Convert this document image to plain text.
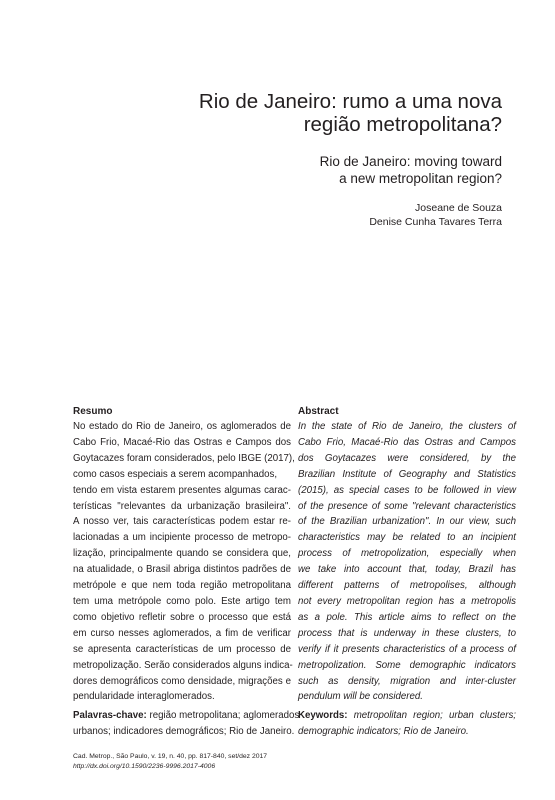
Rio de Janeiro: rumo a uma nova
região metropolitana?
Rio de Janeiro: moving toward
a new metropolitan region?
Joseane de Souza
Denise Cunha Tavares Terra
Resumo
No estado do Rio de Janeiro, os aglomerados de
Cabo Frio, Macaé-Rio das Ostras e Campos dos
Goytacazes foram considerados, pelo IBGE (2017),
como casos especiais a serem acompanhados,
tendo em vista estarem presentes algumas carac-
terísticas "relevantes da urbanização brasileira".
A nosso ver, tais características podem estar re-
lacionadas a um incipiente processo de metropo-
lização, principalmente quando se considera que,
na atualidade, o Brasil abriga distintos padrões de
metrópole e que nem toda região metropolitana
tem uma metrópole como polo. Este artigo tem
como objetivo refletir sobre o processo que está
em curso nesses aglomerados, a fim de verificar
se apresenta características de um processo de
metropolização. Serão considerados alguns indica-
dores demográficos como densidade, migrações e
pendularidade interaglomerados.
Palavras-chave: região metropolitana; aglomerados
urbanos; indicadores demográficos; Rio de Janeiro.
Abstract
In the state of Rio de Janeiro, the clusters of
Cabo Frio, Macaé-Rio das Ostras and Campos
dos Goytacazes were considered, by the
Brazilian Institute of Geography and Statistics
(2015), as special cases to be followed in view
of the presence of some "relevant characteristics
of the Brazilian urbanization". In our view, such
characteristics may be related to an incipient
process of metropolization, especially when
we take into account that, today, Brazil has
different patterns of metropolises, although
not every metropolitan region has a metropolis
as a pole. This article aims to reflect on the
process that is underway in these clusters, to
verify if it presents characteristics of a process of
metropolization. Some demographic indicators
such as density, migration and inter-cluster
pendulum will be considered.
Keywords: metropolitan region; urban clusters;
demographic indicators; Rio de Janeiro.
Cad. Metrop., São Paulo, v. 19, n. 40, pp. 817-840, set/dez 2017
http://dx.doi.org/10.1590/2236-9996.2017-4006
